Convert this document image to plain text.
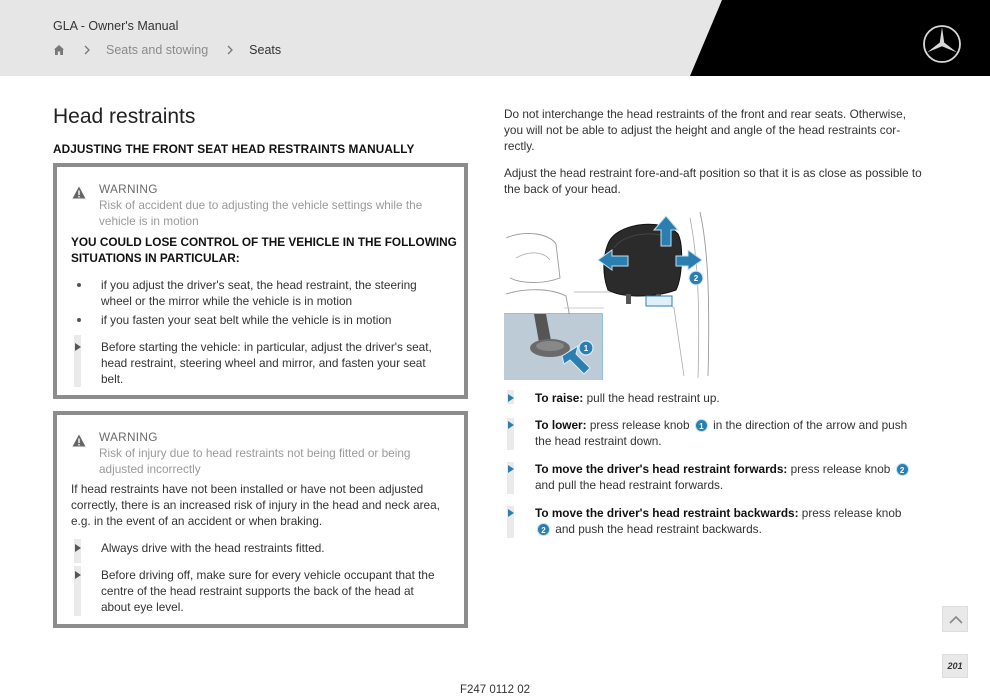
GLA - Owner's Manual
Seats and stowing	Seats
Head restraints
ADJUSTING THE FRONT SEAT HEAD RESTRAINTS MANUALLY
WARNING
Risk of accident due to adjusting the vehicle settings while the vehicle is in motion
YOU COULD LOSE CONTROL OF THE VEHICLE IN THE FOLLOWING SITUATIONS IN PARTICULAR:
if you adjust the driver's seat, the head restraint, the steering wheel or the mirror while the vehicle is in motion
if you fasten your seat belt while the vehicle is in motion
Before starting the vehicle: in particular, adjust the driver's seat, head restraint, steering wheel and mirror, and fasten your seat belt.
WARNING
Risk of injury due to head restraints not being fitted or being adjusted incorrectly
If head restraints have not been installed or have not been adjusted correctly, there is an increased risk of injury in the head and neck area, e.g. in the event of an accident or when braking.
Always drive with the head restraints fitted.
Before driving off, make sure for every vehicle occupant that the centre of the head restraint supports the back of the head at about eye level.
Do not interchange the head restraints of the front and rear seats. Otherwise, you will not be able to adjust the height and angle of the head restraints correctly.
Adjust the head restraint fore-and-aft position so that it is as close as possible to the back of your head.
2
1
To raise: pull the head restraint up.
To lower: press release knob 1 in the direction of the arrow and push the head restraint down.
To move the driver's head restraint forwards: press release knob 2 and pull the head restraint forwards.
To move the driver's head restraint backwards: press release knob 2 and push the head restraint backwards.
201
F247 0112 02
